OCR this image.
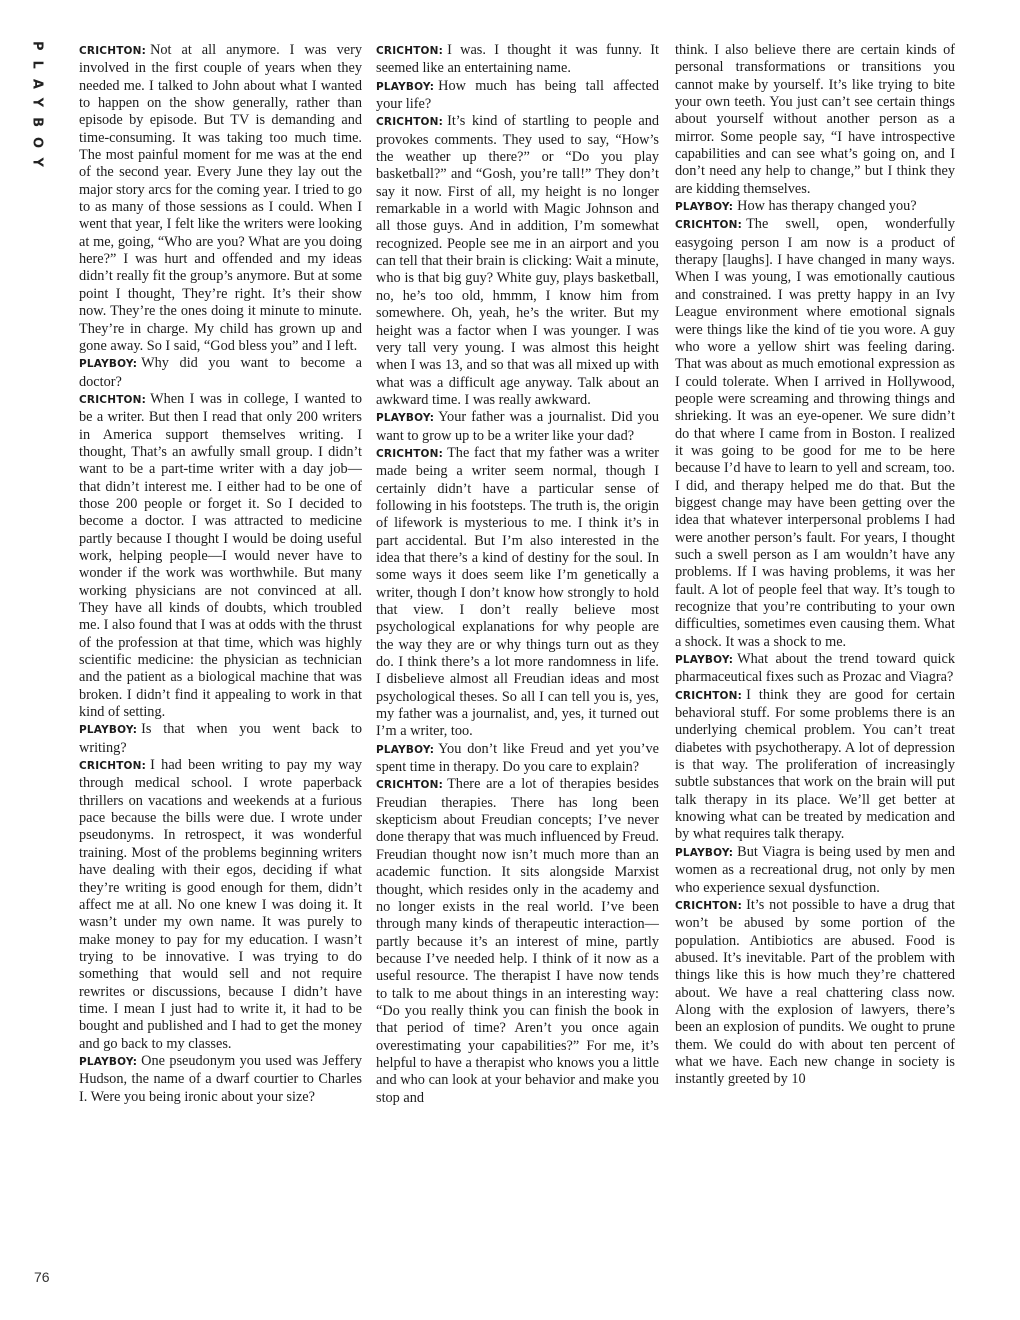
PLAYBOY	CRICHTON: Not at all anymore. I was very involved in the first couple of years when they needed me. I talked to John about what I wanted to happen on the show generally, rather than episode by episode. But TV is demanding and time-consuming. It was taking too much time. The most painful moment for me was at the end of the second year. Every June they lay out the major story arcs for the coming year. I tried to go to as many of those sessions as I could. When I went that year, I felt like the writers were looking at me, going, “Who are you? What are you doing here?” I was hurt and offended and my ideas didn’t really fit the group’s anymore. But at some point I thought, They’re right. It’s their show now. They’re the ones doing it minute to minute. They’re in charge. My child has grown up and gone away. So I said, “God bless you” and I left.

PLAYBOY: Why did you want to become a doctor?

CRICHTON: When I was in college, I wanted to be a writer. But then I read that only 200 writers in America support themselves writing. I thought, That’s an awfully small group. I didn’t want to be a part-time writer with a day job—that didn’t interest me. I either had to be one of those 200 people or forget it. So I decided to become a doctor. I was attracted to medicine partly because I thought I would be doing useful work, helping people—I would never have to wonder if the work was worthwhile. But many working physicians are not convinced at all. They have all kinds of doubts, which troubled me. I also found that I was at odds with the thrust of the profession at that time, which was highly scientific medicine: the physician as technician and the patient as a biological machine that was broken. I didn’t find it appealing to work in that kind of setting.

PLAYBOY: Is that when you went back to writing?

CRICHTON: I had been writing to pay my way through medical school. I wrote paperback thrillers on vacations and weekends at a furious pace because the bills were due. I wrote under pseudonyms. In retrospect, it was wonderful training. Most of the problems beginning writers have dealing with their egos, deciding if what they’re writing is good enough for them, didn’t affect me at all. No one knew I was doing it. It wasn’t under my own name. It was purely to make money to pay for my education. I wasn’t trying to be innovative. I was trying to do something that would sell and not require rewrites or discussions, because I didn’t have time. I mean I just had to write it, it had to be bought and published and I had to get the money and go back to my classes.

PLAYBOY: One pseudonym you used was Jeffery Hudson, the name of a dwarf courtier to Charles I. Were you being ironic about your size?

CRICHTON: I was. I thought it was funny. It seemed like an entertaining name.

PLAYBOY: How much has being tall affected your life?

CRICHTON: It’s kind of startling to people and provokes comments. They used to say, “How’s the weather up there?” or “Do you play basketball?” and “Gosh, you’re tall!” They don’t say it now. First of all, my height is no longer remarkable in a world with Magic Johnson and all those guys. And in addition, I’m somewhat recognized. People see me in an airport and you can tell that their brain is clicking: Wait a minute, who is that big guy? White guy, plays basketball, no, he’s too old, hmmm, I know him from somewhere. Oh, yeah, he’s the writer. But my height was a factor when I was younger. I was very tall very young. I was almost this height when I was 13, and so that was all mixed up with what was a difficult age anyway. Talk about an awkward time. I was really awkward.

PLAYBOY: Your father was a journalist. Did you want to grow up to be a writer like your dad?

CRICHTON: The fact that my father was a writer made being a writer seem normal, though I certainly didn’t have a particular sense of following in his footsteps. The truth is, the origin of lifework is mysterious to me. I think it’s in part accidental. But I’m also interested in the idea that there’s a kind of destiny for the soul. In some ways it does seem like I’m genetically a writer, though I don’t know how strongly to hold that view. I don’t really believe most psychological explanations for why people are the way they are or why things turn out as they do. I think there’s a lot more randomness in life. I disbelieve almost all Freudian ideas and most psychological theses. So all I can tell you is, yes, my father was a journalist, and, yes, it turned out I’m a writer, too.

PLAYBOY: You don’t like Freud and yet you’ve spent time in therapy. Do you care to explain?

CRICHTON: There are a lot of therapies besides Freudian therapies. There has long been skepticism about Freudian concepts; I’ve never done therapy that was much influenced by Freud. Freudian thought now isn’t much more than an academic function. It sits alongside Marxist thought, which resides only in the academy and no longer exists in the real world. I’ve been through many kinds of therapeutic interaction—partly because it’s an interest of mine, partly because I’ve needed help. I think of it now as a useful resource. The therapist I have now tends to talk to me about things in an interesting way: “Do you really think you can finish the book in that period of time? Aren’t you once again overestimating your capabilities?” For me, it’s helpful to have a therapist who knows you a little and who can look at your behavior and make you stop and

think. I also believe there are certain kinds of personal transformations or transitions you cannot make by yourself. It’s like trying to bite your own teeth. You just can’t see certain things about yourself without another person as a mirror. Some people say, “I have introspective capabilities and can see what’s going on, and I don’t need any help to change,” but I think they are kidding themselves.

PLAYBOY: How has therapy changed you?

CRICHTON: The swell, open, wonderfully easygoing person I am now is a product of therapy [laughs]. I have changed in many ways. When I was young, I was emotionally cautious and constrained. I was pretty happy in an Ivy League environment where emotional signals were things like the kind of tie you wore. A guy who wore a yellow shirt was feeling daring. That was about as much emotional expression as I could tolerate. When I arrived in Hollywood, people were screaming and throwing things and shrieking. It was an eye-opener. We sure didn’t do that where I came from in Boston. I realized it was going to be good for me to be here because I’d have to learn to yell and scream, too. I did, and therapy helped me do that. But the biggest change may have been getting over the idea that whatever interpersonal problems I had were another person’s fault. For years, I thought such a swell person as I am wouldn’t have any problems. If I was having problems, it was her fault. A lot of people feel that way. It’s tough to recognize that you’re contributing to your own difficulties, sometimes even causing them. What a shock. It was a shock to me.

PLAYBOY: What about the trend toward quick pharmaceutical fixes such as Prozac and Viagra?

CRICHTON: I think they are good for certain behavioral stuff. For some problems there is an underlying chemical problem. You can’t treat diabetes with psychotherapy. A lot of depression is that way. The proliferation of increasingly subtle substances that work on the brain will put talk therapy in its place. We’ll get better at knowing what can be treated by medication and by what requires talk therapy.

PLAYBOY: But Viagra is being used by men and women as a recreational drug, not only by men who experience sexual dysfunction.

CRICHTON: It’s not possible to have a drug that won’t be abused by some portion of the population. Antibiotics are abused. Food is abused. It’s inevitable. Part of the problem with things like this is how much they’re chattered about. We have a real chattering class now. Along with the explosion of lawyers, there’s been an explosion of pundits. We ought to prune them. We could do with about ten percent of what we have. Each new change in society is instantly greeted by 10

76
